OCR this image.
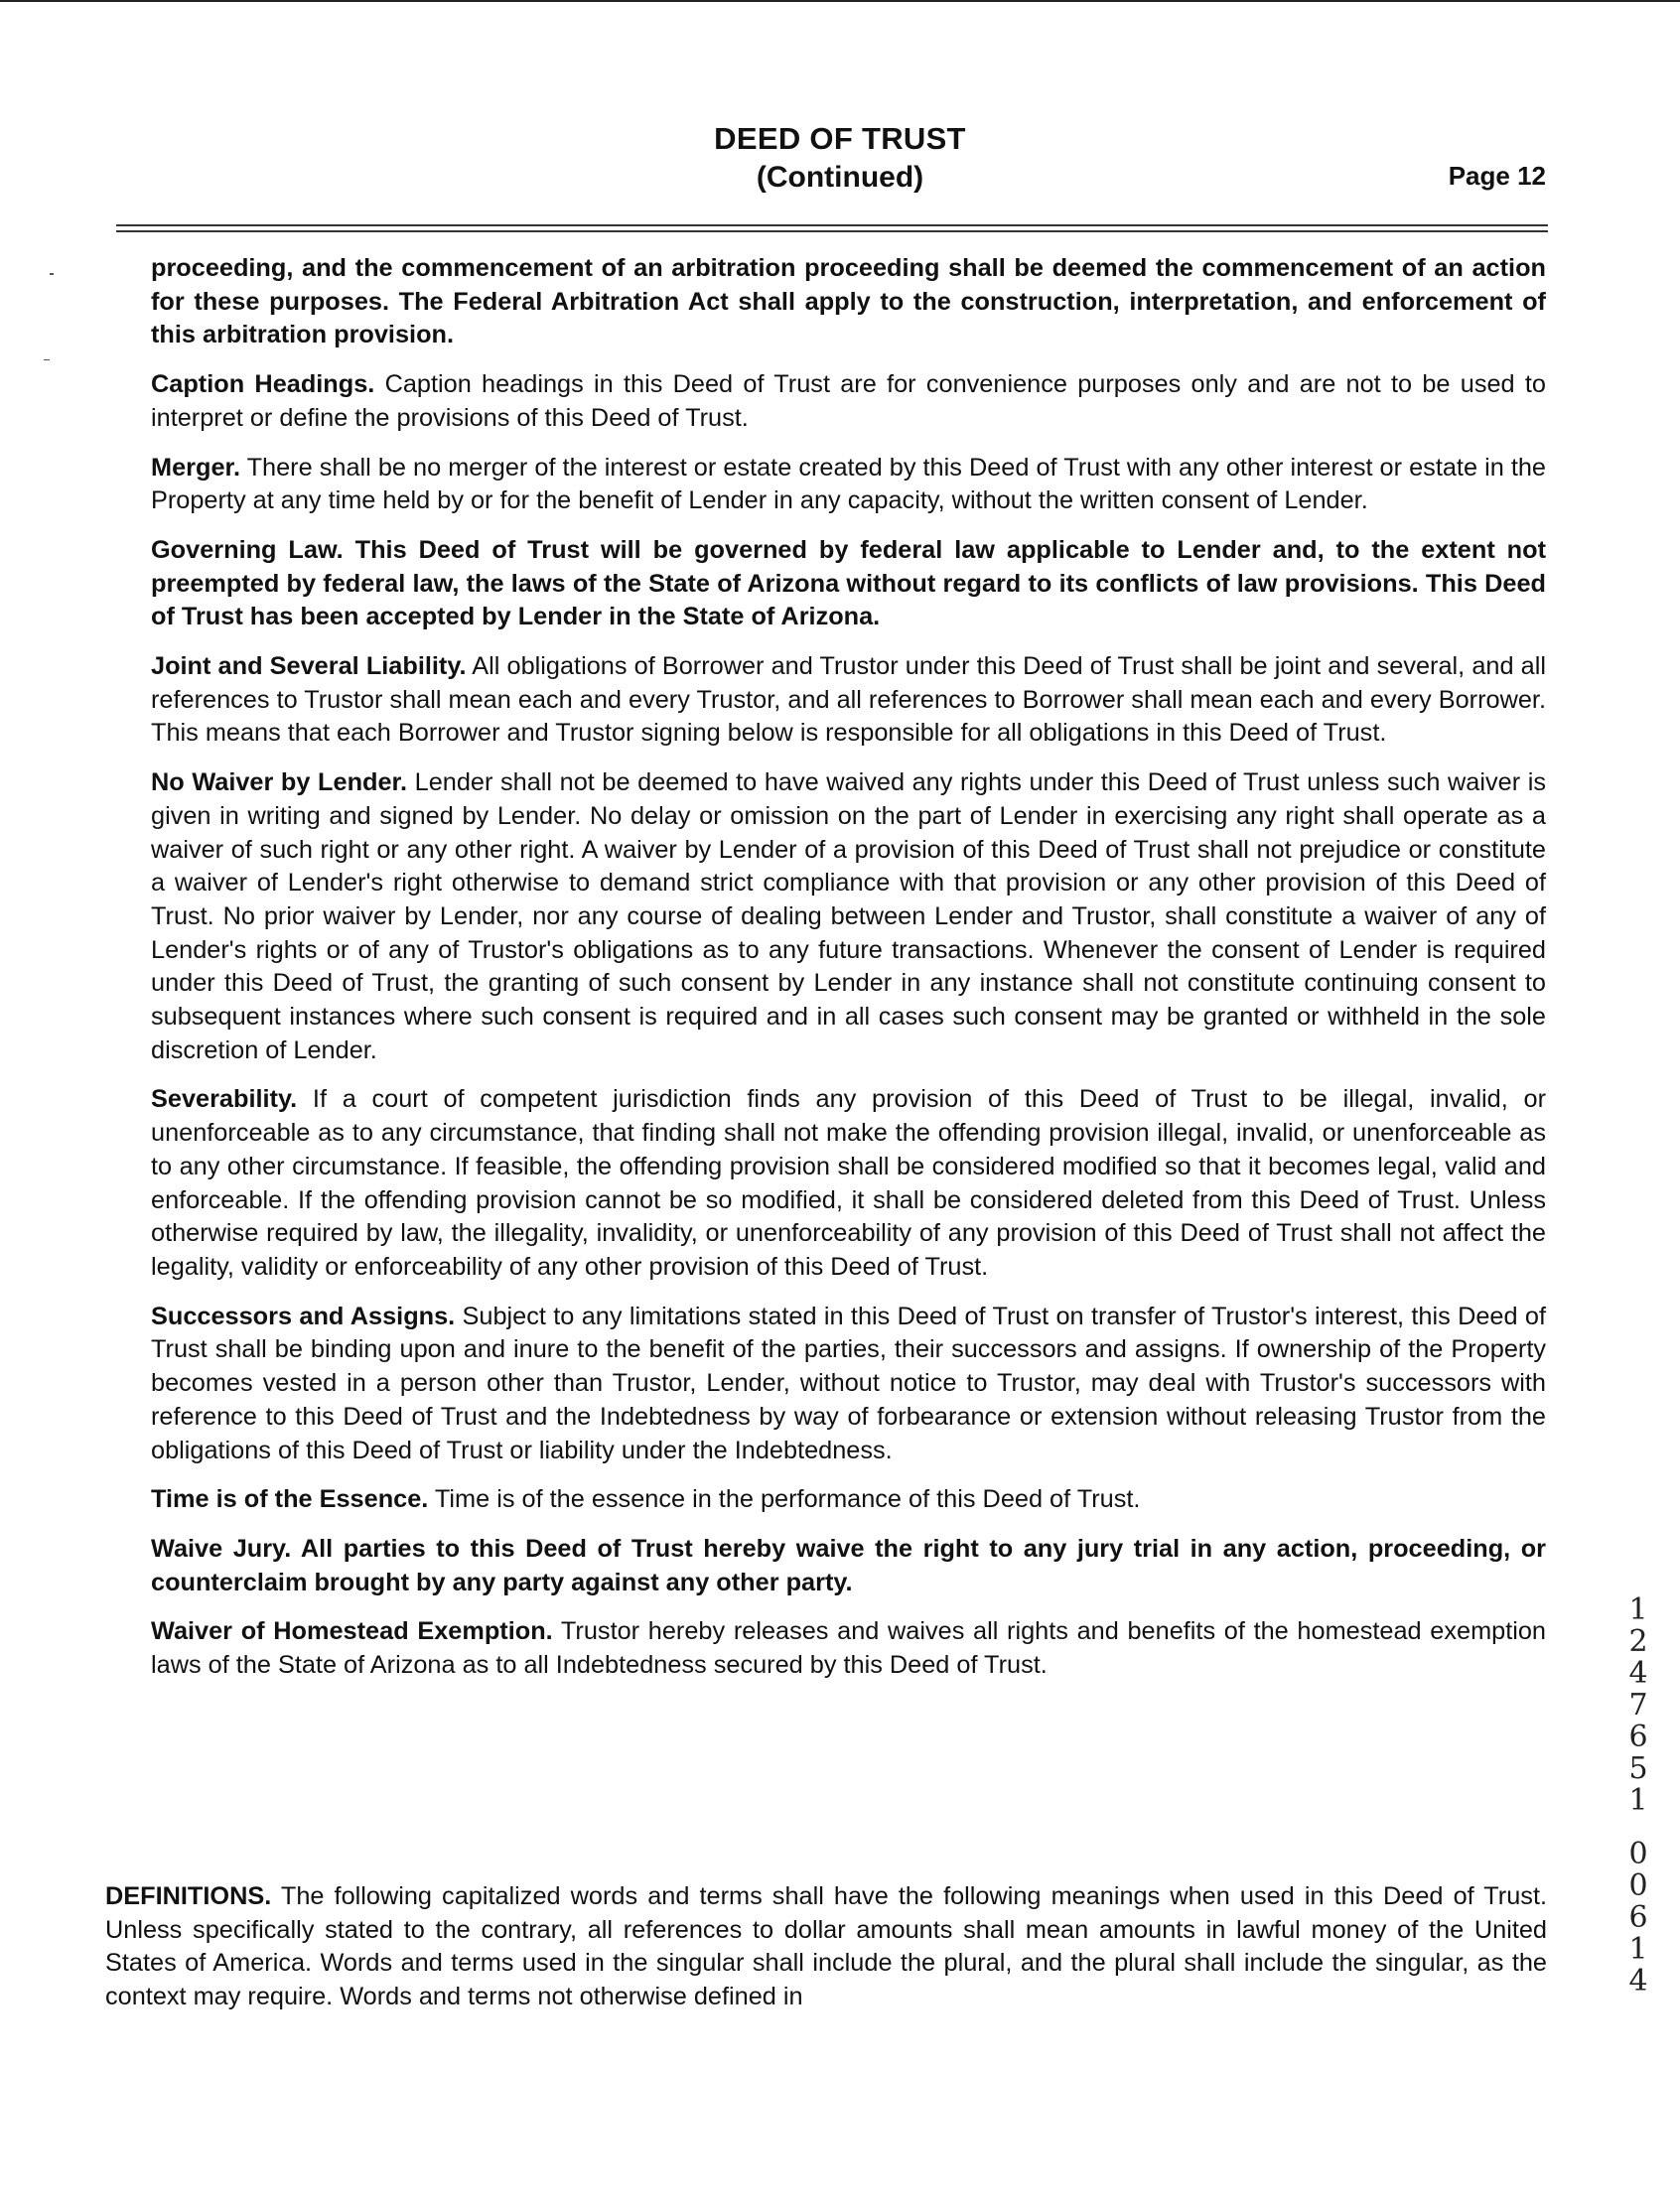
DEED OF TRUST
(Continued)	Page 12

proceeding, and the commencement of an arbitration proceeding shall be deemed the commencement of an action for these purposes. The Federal Arbitration Act shall apply to the construction, interpretation, and enforcement of this arbitration provision.

Caption Headings. Caption headings in this Deed of Trust are for convenience purposes only and are not to be used to interpret or define the provisions of this Deed of Trust.

Merger. There shall be no merger of the interest or estate created by this Deed of Trust with any other interest or estate in the Property at any time held by or for the benefit of Lender in any capacity, without the written consent of Lender.

Governing Law. This Deed of Trust will be governed by federal law applicable to Lender and, to the extent not preempted by federal law, the laws of the State of Arizona without regard to its conflicts of law provisions. This Deed of Trust has been accepted by Lender in the State of Arizona.

Joint and Several Liability. All obligations of Borrower and Trustor under this Deed of Trust shall be joint and several, and all references to Trustor shall mean each and every Trustor, and all references to Borrower shall mean each and every Borrower. This means that each Borrower and Trustor signing below is responsible for all obligations in this Deed of Trust.

No Waiver by Lender. Lender shall not be deemed to have waived any rights under this Deed of Trust unless such waiver is given in writing and signed by Lender. No delay or omission on the part of Lender in exercising any right shall operate as a waiver of such right or any other right. A waiver by Lender of a provision of this Deed of Trust shall not prejudice or constitute a waiver of Lender's right otherwise to demand strict compliance with that provision or any other provision of this Deed of Trust. No prior waiver by Lender, nor any course of dealing between Lender and Trustor, shall constitute a waiver of any of Lender's rights or of any of Trustor's obligations as to any future transactions. Whenever the consent of Lender is required under this Deed of Trust, the granting of such consent by Lender in any instance shall not constitute continuing consent to subsequent instances where such consent is required and in all cases such consent may be granted or withheld in the sole discretion of Lender.

Severability. If a court of competent jurisdiction finds any provision of this Deed of Trust to be illegal, invalid, or unenforceable as to any circumstance, that finding shall not make the offending provision illegal, invalid, or unenforceable as to any other circumstance. If feasible, the offending provision shall be considered modified so that it becomes legal, valid and enforceable. If the offending provision cannot be so modified, it shall be considered deleted from this Deed of Trust. Unless otherwise required by law, the illegality, invalidity, or unenforceability of any provision of this Deed of Trust shall not affect the legality, validity or enforceability of any other provision of this Deed of Trust.

Successors and Assigns. Subject to any limitations stated in this Deed of Trust on transfer of Trustor's interest, this Deed of Trust shall be binding upon and inure to the benefit of the parties, their successors and assigns. If ownership of the Property becomes vested in a person other than Trustor, Lender, without notice to Trustor, may deal with Trustor's successors with reference to this Deed of Trust and the Indebtedness by way of forbearance or extension without releasing Trustor from the obligations of this Deed of Trust or liability under the Indebtedness.

Time is of the Essence. Time is of the essence in the performance of this Deed of Trust.

Waive Jury. All parties to this Deed of Trust hereby waive the right to any jury trial in any action, proceeding, or counterclaim brought by any party against any other party.

Waiver of Homestead Exemption. Trustor hereby releases and waives all rights and benefits of the homestead exemption laws of the State of Arizona as to all Indebtedness secured by this Deed of Trust.

DEFINITIONS. The following capitalized words and terms shall have the following meanings when used in this Deed of Trust. Unless specifically stated to the contrary, all references to dollar amounts shall mean amounts in lawful money of the United States of America. Words and terms used in the singular shall include the plural, and the plural shall include the singular, as the context may require. Words and terms not otherwise defined in

1
2
4
7
6
5
1
0
0
6
1
4
